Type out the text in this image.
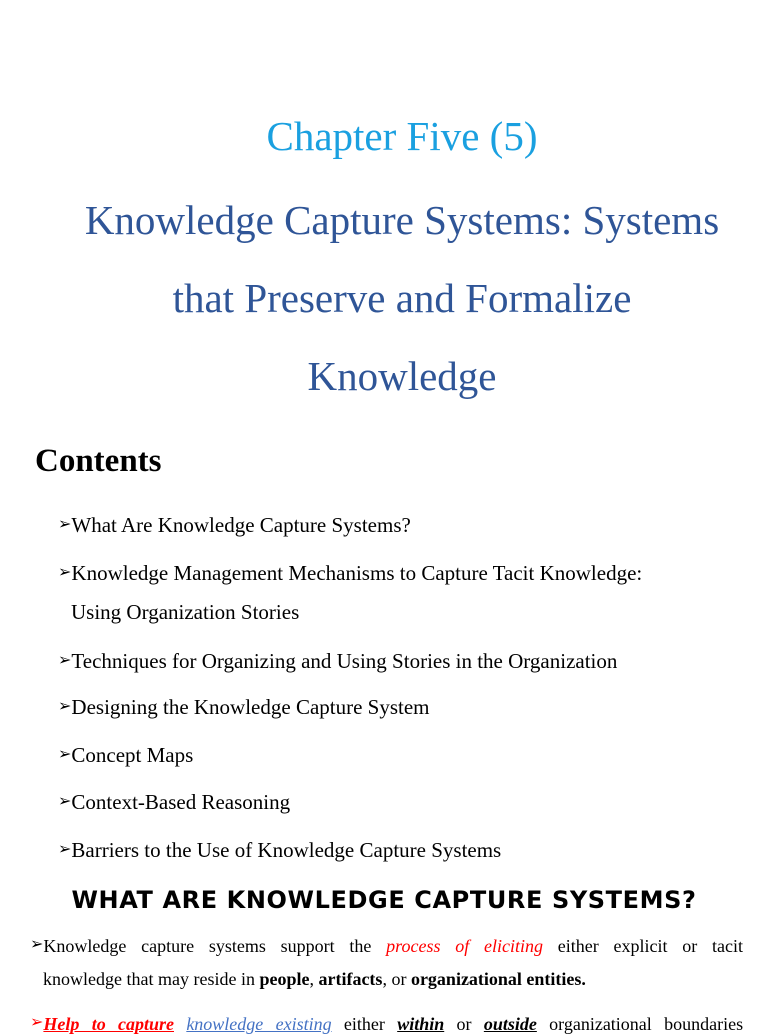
Chapter Five (5)
Knowledge Capture Systems: Systems
that Preserve and Formalize
Knowledge
Contents
➢What Are Knowledge Capture Systems?
➢Knowledge Management Mechanisms to Capture Tacit Knowledge:
Using Organization Stories
➢Techniques for Organizing and Using Stories in the Organization
➢Designing the Knowledge Capture System
➢Concept Maps
➢Context-Based Reasoning
➢Barriers to the Use of Knowledge Capture Systems
WHAT ARE KNOWLEDGE CAPTURE SYSTEMS?
➢Knowledge capture systems support the process of eliciting either explicit or tacit
knowledge that may reside in people, artifacts, or organizational entities.
➢Help to capture knowledge existing either within or outside organizational boundaries
